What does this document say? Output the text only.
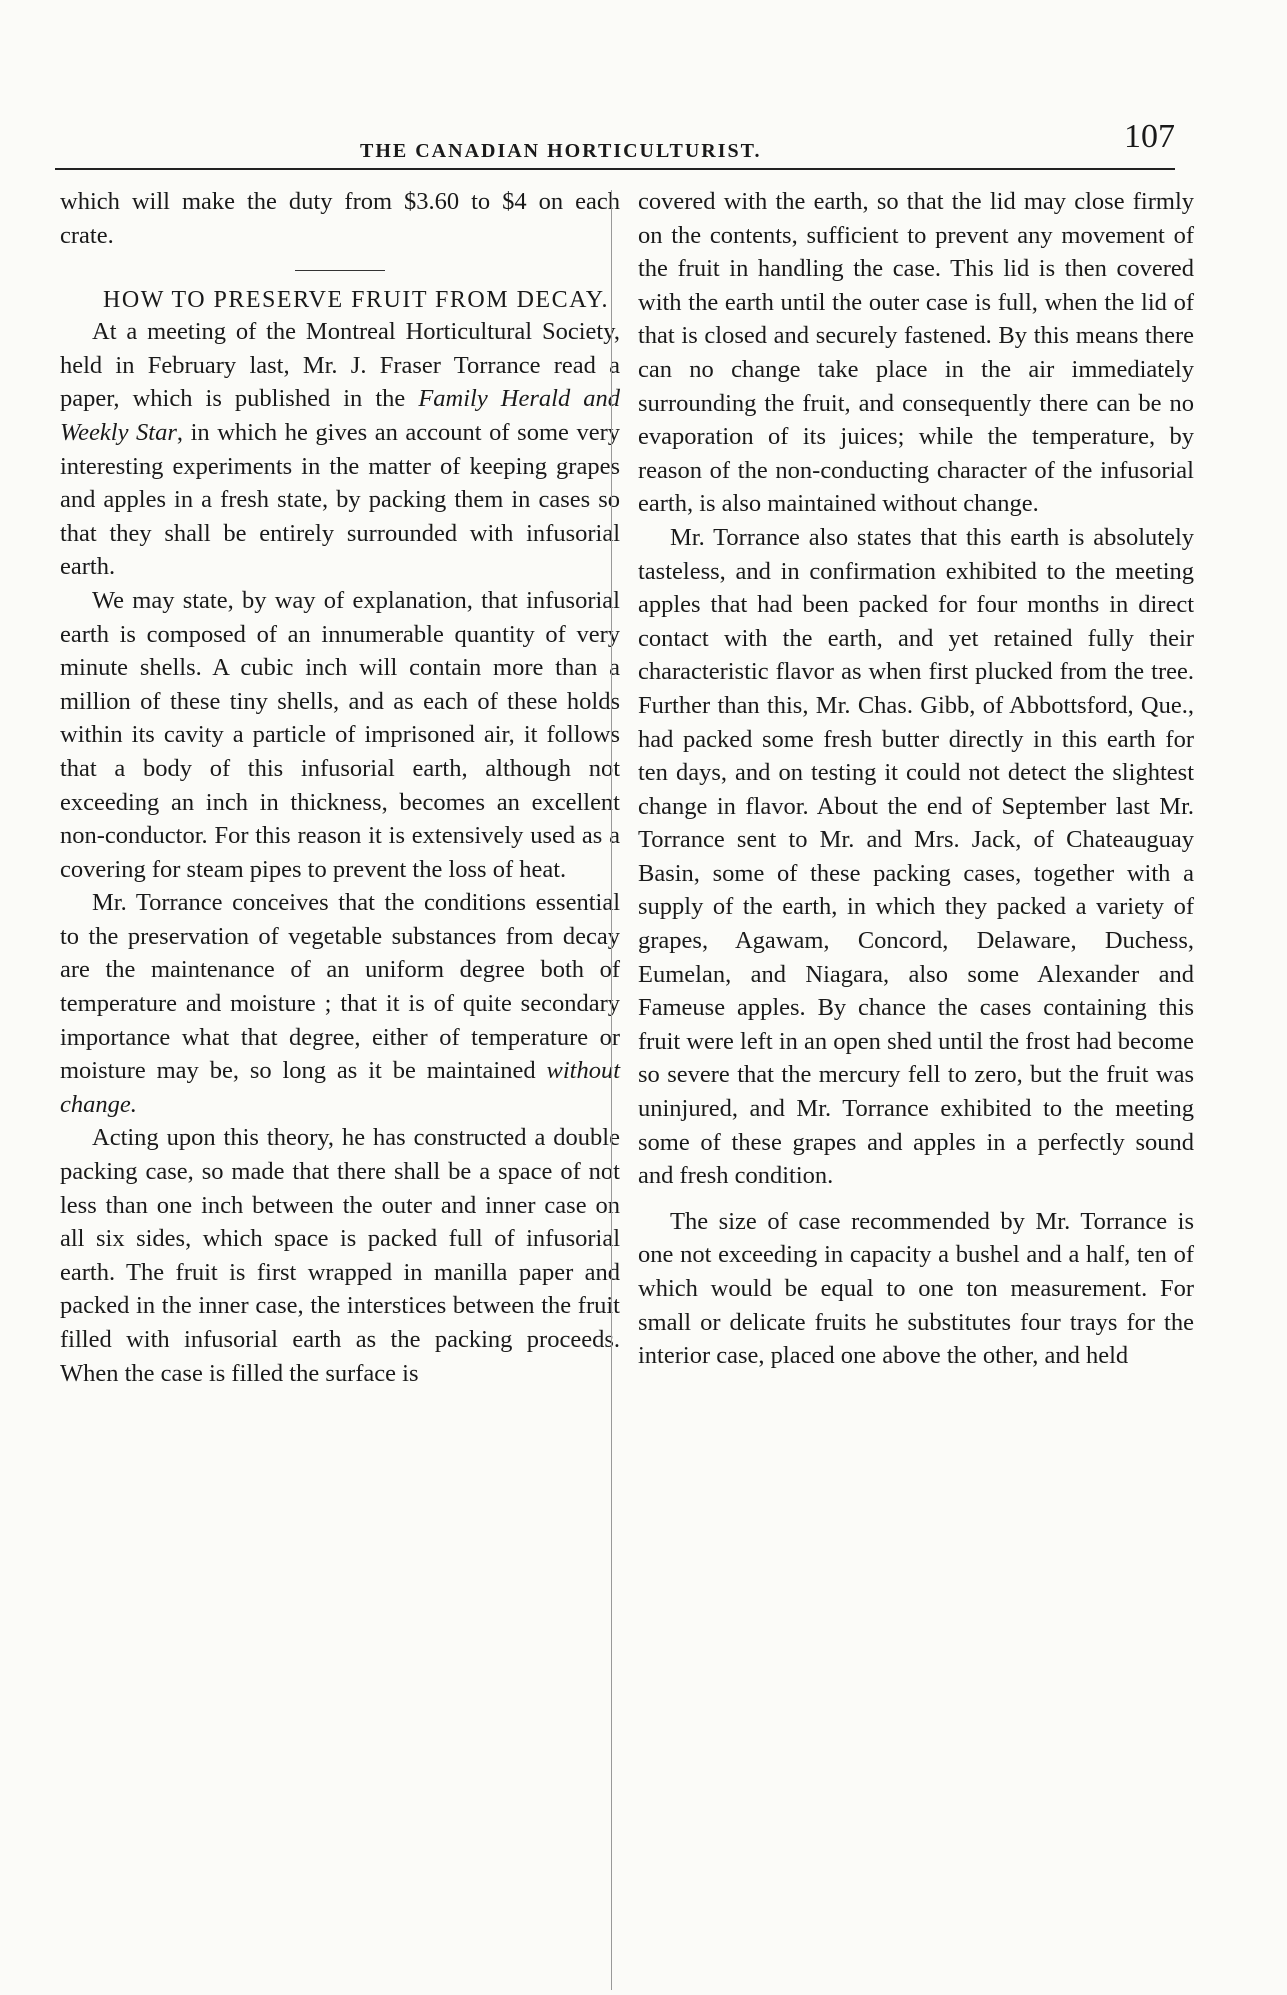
THE CANADIAN HORTICULTURIST.	107

which will make the duty from $3.60 to $4 on each crate.

HOW TO PRESERVE FRUIT FROM DECAY.

At a meeting of the Montreal Horticultural Society, held in February last, Mr. J. Fraser Torrance read a paper, which is published in the Family Herald and Weekly Star, in which he gives an account of some very interesting experiments in the matter of keeping grapes and apples in a fresh state, by packing them in cases so that they shall be entirely surrounded with infusorial earth.

We may state, by way of explanation, that infusorial earth is composed of an innumerable quantity of very minute shells. A cubic inch will contain more than a million of these tiny shells, and as each of these holds within its cavity a particle of imprisoned air, it follows that a body of this infusorial earth, although not exceeding an inch in thickness, becomes an excellent non-conductor. For this reason it is extensively used as a covering for steam pipes to prevent the loss of heat.

Mr. Torrance conceives that the conditions essential to the preservation of vegetable substances from decay are the maintenance of an uniform degree both of temperature and moisture ; that it is of quite secondary importance what that degree, either of temperature or moisture may be, so long as it be maintained without change.

Acting upon this theory, he has constructed a double packing case, so made that there shall be a space of not less than one inch between the outer and inner case on all six sides, which space is packed full of infusorial earth. The fruit is first wrapped in manilla paper and packed in the inner case, the interstices between the fruit filled with infusorial earth as the packing proceeds. When the case is filled the surface is

covered with the earth, so that the lid may close firmly on the contents, sufficient to prevent any movement of the fruit in handling the case. This lid is then covered with the earth until the outer case is full, when the lid of that is closed and securely fastened. By this means there can no change take place in the air immediately surrounding the fruit, and consequently there can be no evaporation of its juices; while the temperature, by reason of the non-conducting character of the infusorial earth, is also maintained without change.

Mr. Torrance also states that this earth is absolutely tasteless, and in confirmation exhibited to the meeting apples that had been packed for four months in direct contact with the earth, and yet retained fully their characteristic flavor as when first plucked from the tree. Further than this, Mr. Chas. Gibb, of Abbottsford, Que., had packed some fresh butter directly in this earth for ten days, and on testing it could not detect the slightest change in flavor. About the end of September last Mr. Torrance sent to Mr. and Mrs. Jack, of Chateauguay Basin, some of these packing cases, together with a supply of the earth, in which they packed a variety of grapes, Agawam, Concord, Delaware, Duchess, Eumelan, and Niagara, also some Alexander and Fameuse apples. By chance the cases containing this fruit were left in an open shed until the frost had become so severe that the mercury fell to zero, but the fruit was uninjured, and Mr. Torrance exhibited to the meeting some of these grapes and apples in a perfectly sound and fresh condition.

The size of case recommended by Mr. Torrance is one not exceeding in capacity a bushel and a half, ten of which would be equal to one ton measurement. For small or delicate fruits he substitutes four trays for the interior case, placed one above the other, and held
